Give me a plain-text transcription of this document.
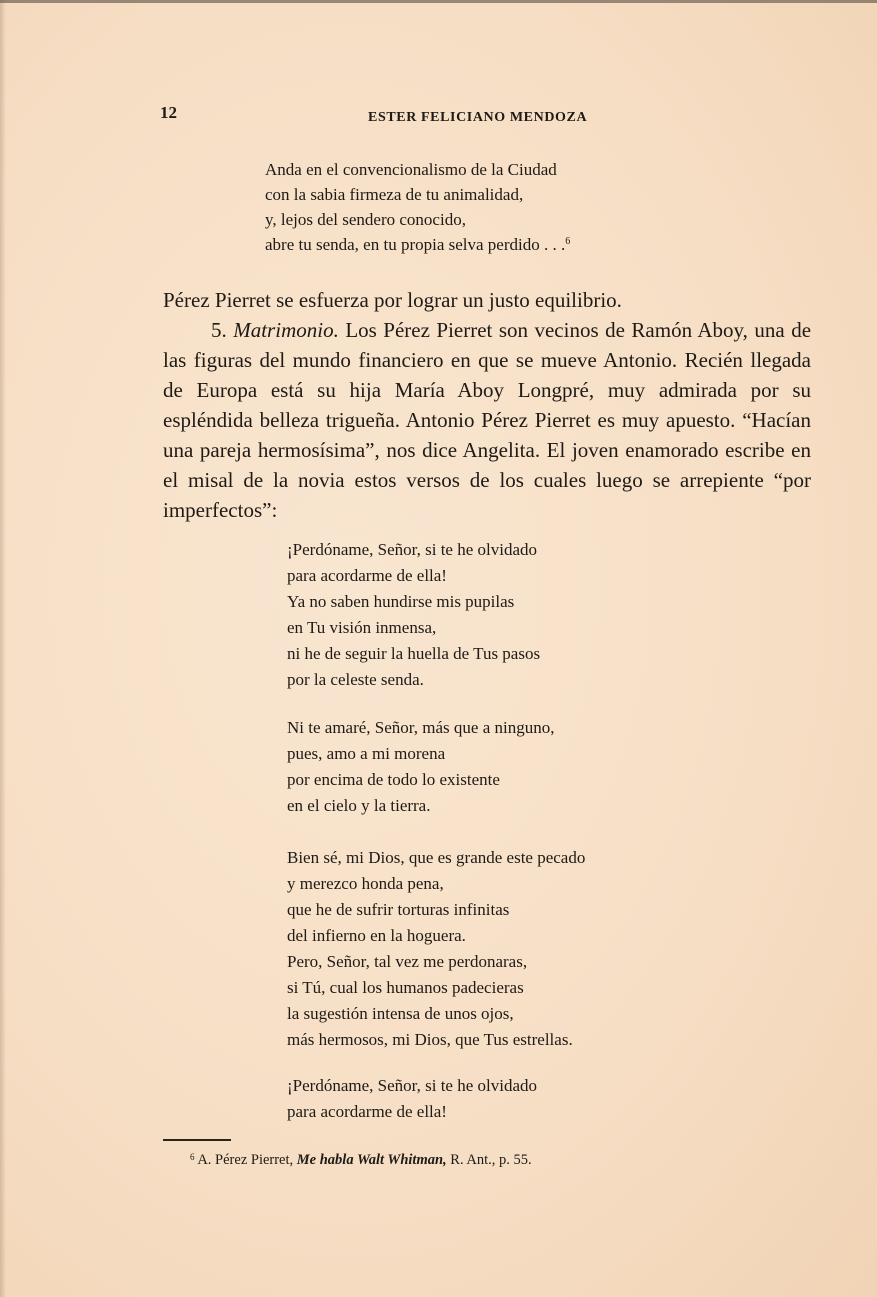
12	ESTER FELICIANO MENDOZA
Anda en el convencionalismo de la Ciudad
con la sabia firmeza de tu animalidad,
y, lejos del sendero conocido,
abre tu senda, en tu propia selva perdido . . .$^6$

Pérez Pierret se esfuerza por lograr un justo equilibrio.

5. Matrimonio. Los Pérez Pierret son vecinos de Ramón Aboy, una de las figuras del mundo financiero en que se mueve Antonio. Recién llegada de Europa está su hija María Aboy Longpré, muy admirada por su espléndida belleza trigueña. Antonio Pérez Pierret es muy apuesto. “Hacían una pareja hermosísima”, nos dice Angelita. El joven enamorado escribe en el misal de la novia estos versos de los cuales luego se arrepiente “por imperfectos”:

¡Perdóname, Señor, si te he olvidado
para acordarme de ella!
Ya no saben hundirse mis pupilas
en Tu visión inmensa,
ni he de seguir la huella de Tus pasos
por la celeste senda.
Ni te amaré, Señor, más que a ninguno,
pues, amo a mi morena
por encima de todo lo existente
en el cielo y la tierra.
Bien sé, mi Dios, que es grande este pecado
y merezco honda pena,
que he de sufrir torturas infinitas
del infierno en la hoguera.
Pero, Señor, tal vez me perdonaras,
si Tú, cual los humanos padecieras
la sugestión intensa de unos ojos,
más hermosos, mi Dios, que Tus estrellas.
¡Perdóname, Señor, si te he olvidado
para acordarme de ella!
$^6$ A. Pérez Pierret, Me habla Walt Whitman, R. Ant., p. 55.
